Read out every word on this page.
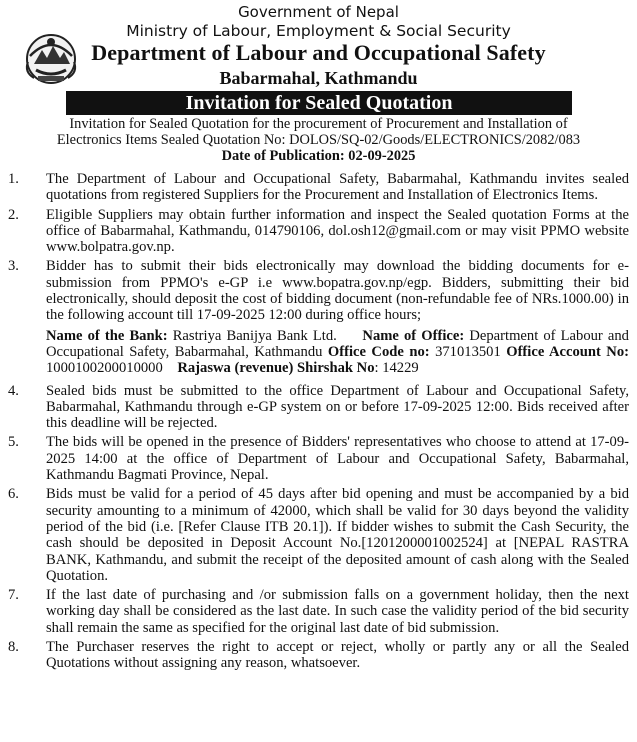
Government of Nepal
Ministry of Labour, Employment & Social Security
Department of Labour and Occupational Safety
Babarmahal, Kathmandu
Invitation for Sealed Quotation
Invitation for Sealed Quotation for the procurement of Procurement and Installation of
Electronics Items Sealed Quotation No: DOLOS/SQ-02/Goods/ELECTRONICS/2082/083
Date of Publication: 02-09-2025
1. The Department of Labour and Occupational Safety, Babarmahal, Kathmandu invites sealed quotations from registered Suppliers for the Procurement and Installation of Electronics Items.
2. Eligible Suppliers may obtain further information and inspect the Sealed quotation Forms at the office of Babarmahal, Kathmandu, 014790106, dol.osh12@gmail.com or may visit PPMO website www.bolpatra.gov.np.
3. Bidder has to submit their bids electronically may download the bidding documents for e-submission from PPMO's e-GP i.e www.bopatra.gov.np/egp. Bidders, submitting their bid electronically, should deposit the cost of bidding document (non-refundable fee of NRs.1000.00) in the following account till 17-09-2025 12:00 during office hours;
Name of the Bank: Rastriya Banijya Bank Ltd. Name of Office: Department of Labour and Occupational Safety, Babarmahal, Kathmandu Office Code no: 371013501 Office Account No: 1000100200010000 Rajaswa (revenue) Shirshak No: 14229
4. Sealed bids must be submitted to the office Department of Labour and Occupational Safety, Babarmahal, Kathmandu through e-GP system on or before 17-09-2025 12:00. Bids received after this deadline will be rejected.
5. The bids will be opened in the presence of Bidders' representatives who choose to attend at 17-09-2025 14:00 at the office of Department of Labour and Occupational Safety, Babarmahal, Kathmandu Bagmati Province, Nepal.
6. Bids must be valid for a period of 45 days after bid opening and must be accompanied by a bid security amounting to a minimum of 42000, which shall be valid for 30 days beyond the validity period of the bid (i.e. [Refer Clause ITB 20.1]). If bidder wishes to submit the Cash Security, the cash should be deposited in Deposit Account No.[1201200001002524] at [NEPAL RASTRA BANK, Kathmandu, and submit the receipt of the deposited amount of cash along with the Sealed Quotation.
7. If the last date of purchasing and /or submission falls on a government holiday, then the next working day shall be considered as the last date. In such case the validity period of the bid security shall remain the same as specified for the original last date of bid submission.
8. The Purchaser reserves the right to accept or reject, wholly or partly any or all the Sealed Quotations without assigning any reason, whatsoever.
